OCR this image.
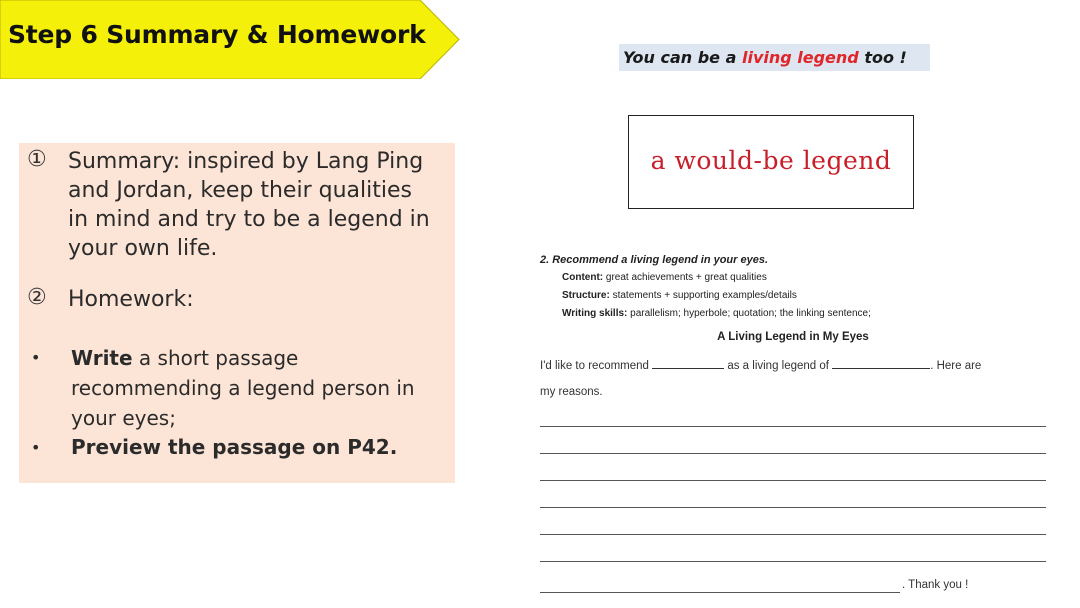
Step 6 Summary & Homework
① Summary: inspired by Lang Ping
and Jordan, keep their qualities
in mind and try to be a legend in
your own life.
② Homework:
• Write a short passage
recommending a legend person in
your eyes;
• Preview the passage on P42.
You can be a living legend too !
a would-be legend
2. Recommend a living legend in your eyes.
Content: great achievements + great qualities
Structure: statements + supporting examples/details
Writing skills: parallelism; hyperbole; quotation; the linking sentence;
A Living Legend in My Eyes
I'd like to recommend	as a living legend of	. Here are
my reasons.
. Thank you !
